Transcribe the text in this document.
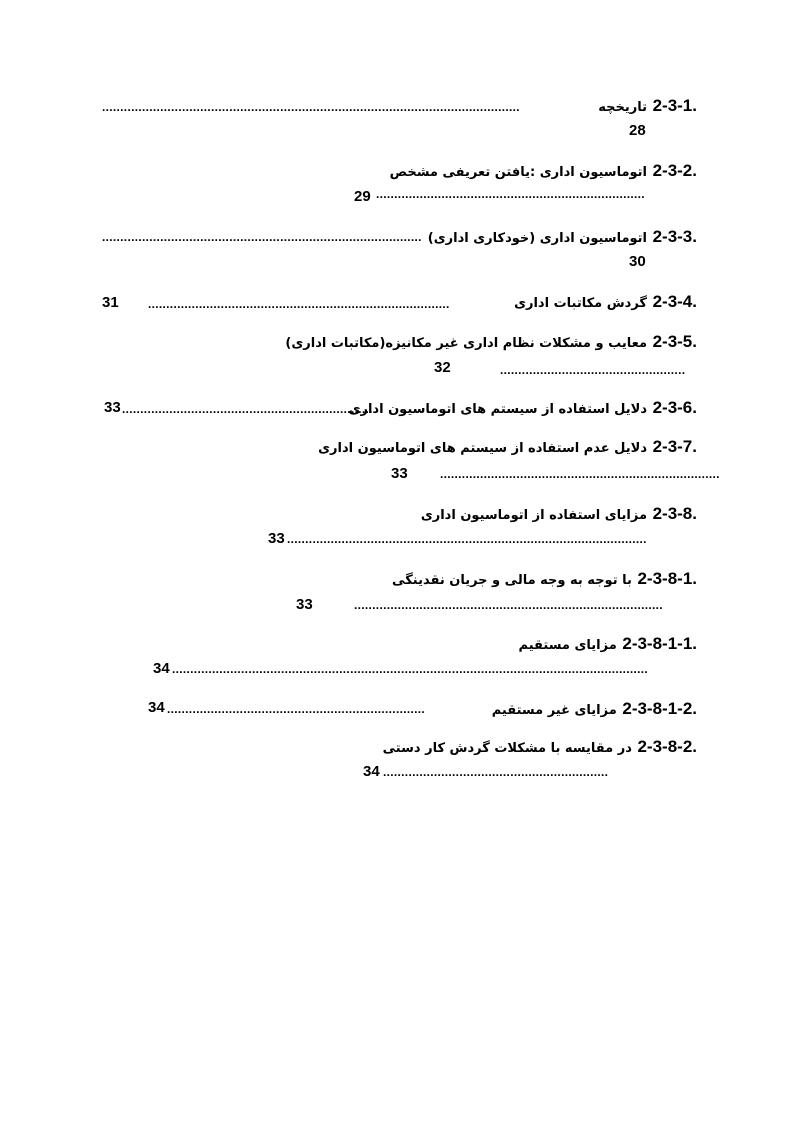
2-3-1. تاریخچه
...................................................................................................................
28
2-3-2. اتوماسیون اداری :یافتن تعریفی مشخص
29 ..........................................................................
2-3-3. اتوماسیون اداری (خودکاری اداری)
........................................................................................
30
31 ...................................................................................	2-3-4. گردش مکاتبات اداری
2-3-5. معایب و مشکلات نظام اداری غیر مکانیزه(مکاتبات اداری)
32	...................................................
33 .....................................................................	2-3-6. دلایل استفاده از سیستم های اتوماسیون اداری
2-3-7. دلایل عدم استفاده از سیستم های اتوماسیون اداری
33	.............................................................................
2-3-8. مزایای استفاده از اتوماسیون اداری
33 ...................................................................................................
2-3-8-1. با توجه به وجه مالی و جریان نقدینگی
33	.....................................................................................
2-3-8-1-1. مزایای مستقیم
34 ...................................................................................................................................
34 .......................................................................	2-3-8-1-2. مزایای غیر مستقیم
2-3-8-2. در مقایسه با مشکلات گردش کار دستی
34 ..............................................................
